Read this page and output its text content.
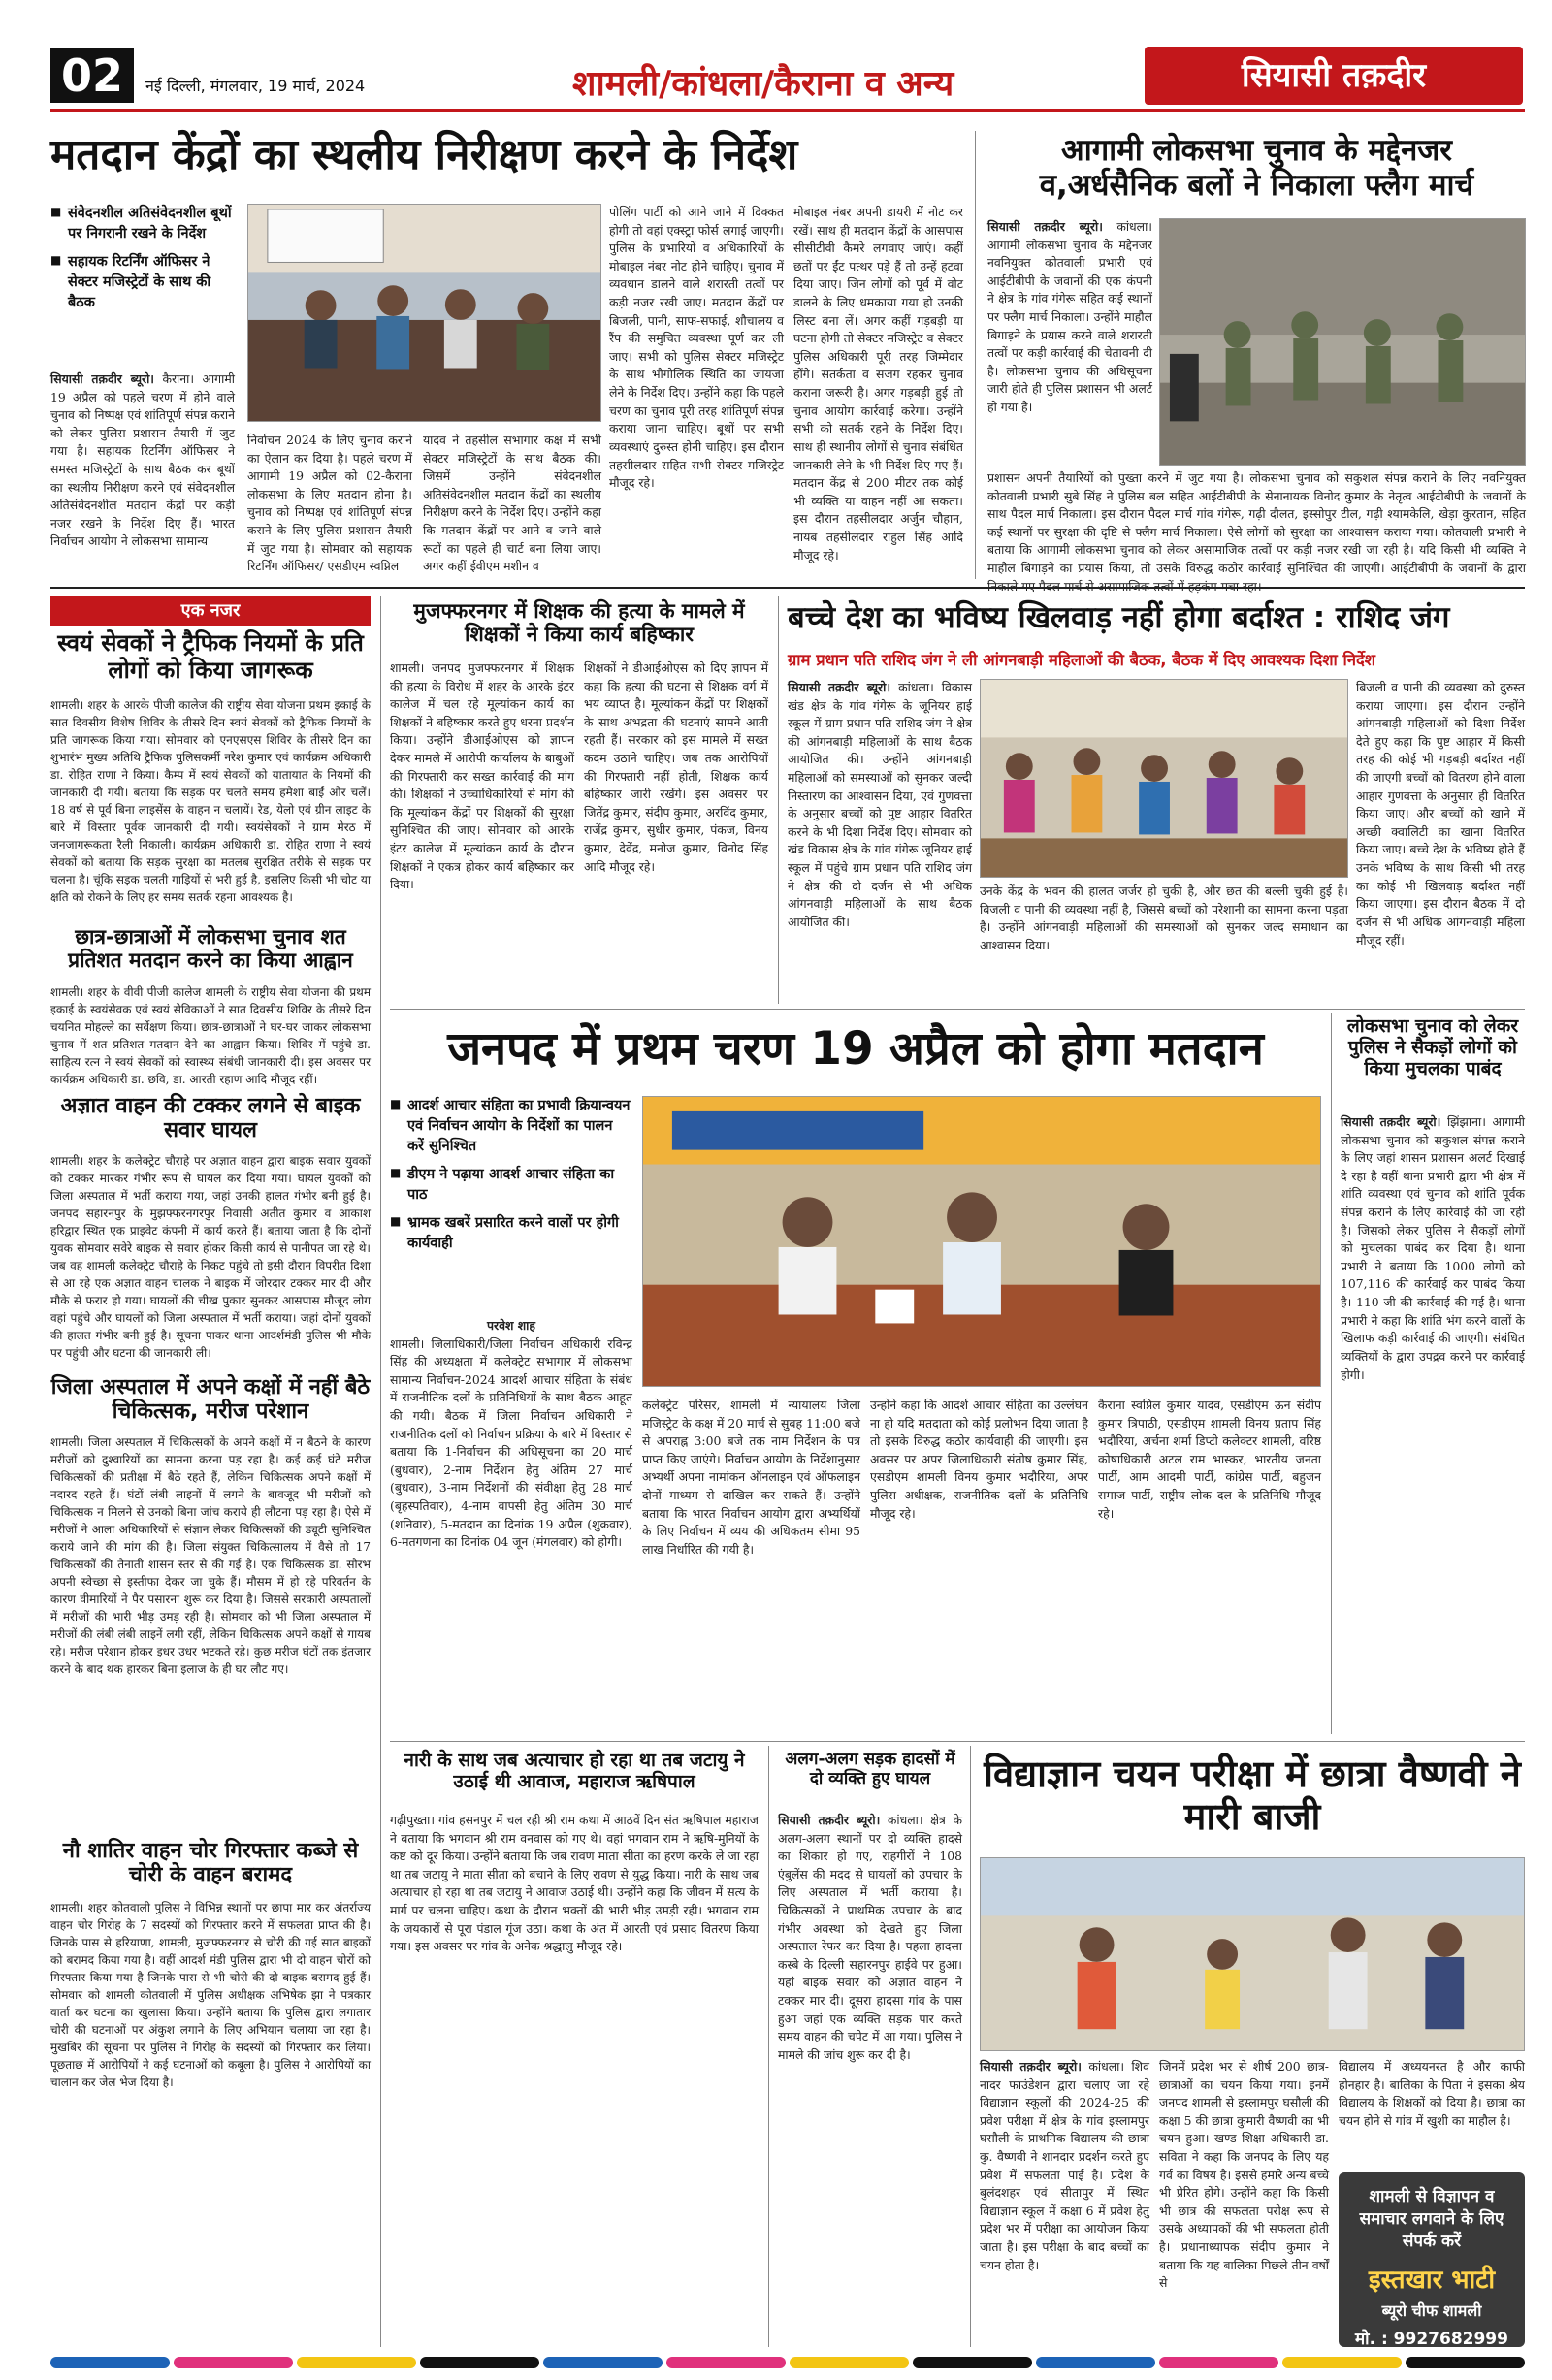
02	नई दिल्ली, मंगलवार, 19 मार्च, 2024	शामली/कांधला/कैराना व अन्य	सियासी तक़दीर
मतदान केंद्रों का स्थलीय निरीक्षण करने के निर्देश
■ संवेदनशील अतिसंवेदनशील बूथों पर निगरानी रखने के निर्देश
■ सहायक रिटर्निंग ऑफिसर ने सेक्टर मजिस्ट्रेटों के साथ की बैठक
सियासी तक़दीर ब्यूरो। कैराना। आगामी 19 अप्रैल को पहले चरण में होने वाले चुनाव को निष्पक्ष एवं शांतिपूर्ण संपन्न कराने को लेकर पुलिस प्रशासन तैयारी में जुट गया है। सहायक रिटर्निंग ऑफिसर ने समस्त मजिस्ट्रेटों के साथ बैठक कर बूथों का स्थलीय निरीक्षण करने एवं संवेदनशील अतिसंवेदनशील मतदान केंद्रों पर कड़ी नजर रखने के निर्देश दिए हैं। भारत निर्वाचन आयोग ने लोकसभा सामान्य
निर्वाचन 2024 के लिए चुनाव कराने का ऐलान कर दिया है। पहले चरण में आगामी 19 अप्रैल को 02-कैराना लोकसभा के लिए मतदान होना है। चुनाव को निष्पक्ष एवं शांतिपूर्ण संपन्न कराने के लिए पुलिस प्रशासन तैयारी में जुट गया है। सोमवार को सहायक रिटर्निंग ऑफिसर/ एसडीएम स्वप्निल
यादव ने तहसील सभागार कक्ष में सभी सेक्टर मजिस्ट्रेटों के साथ बैठक की। जिसमें उन्होंने संवेदनशील अतिसंवेदनशील मतदान केंद्रों का स्थलीय निरीक्षण करने के निर्देश दिए। उन्होंने कहा कि मतदान केंद्रों पर आने व जाने वाले रूटों का पहले ही चार्ट बना लिया जाए। अगर कहीं ईवीएम मशीन व
पोलिंग पार्टी को आने जाने में दिक्कत होगी तो वहां एक्स्ट्रा फोर्स लगाई जाएगी। पुलिस के प्रभारियों व अधिकारियों के मोबाइल नंबर नोट होने चाहिए। चुनाव में व्यवधान डालने वाले शरारती तत्वों पर कड़ी नजर रखी जाए। मतदान केंद्रों पर बिजली, पानी, साफ-सफाई, शौचालय व रैंप की समुचित व्यवस्था पूर्ण कर ली जाए। सभी को पुलिस सेक्टर मजिस्ट्रेट के साथ भौगोलिक स्थिति का जायजा लेने के निर्देश दिए। उन्होंने कहा कि पहले चरण का चुनाव पूरी तरह शांतिपूर्ण संपन्न कराया जाना चाहिए। बूथों पर सभी व्यवस्थाएं दुरुस्त होनी चाहिए। इस दौरान तहसीलदार सहित सभी सेक्टर मजिस्ट्रेट मौजूद रहे।
मोबाइल नंबर अपनी डायरी में नोट कर रखें। साथ ही मतदान केंद्रों के आसपास सीसीटीवी कैमरे लगवाए जाएं। कहीं छतों पर ईंट पत्थर पड़े हैं तो उन्हें हटवा दिया जाए। जिन लोगों को पूर्व में वोट डालने के लिए धमकाया गया हो उनकी लिस्ट बना लें। अगर कहीं गड़बड़ी या घटना होगी तो सेक्टर मजिस्ट्रेट व सेक्टर पुलिस अधिकारी पूरी तरह जिम्मेदार होंगे। सतर्कता व सजग रहकर चुनाव कराना जरूरी है। अगर गड़बड़ी हुई तो चुनाव आयोग कार्रवाई करेगा। उन्होंने सभी को सतर्क रहने के निर्देश दिए। साथ ही स्थानीय लोगों से चुनाव संबंधित जानकारी लेने के भी निर्देश दिए गए हैं। मतदान केंद्र से 200 मीटर तक कोई भी व्यक्ति या वाहन नहीं आ सकता। इस दौरान तहसीलदार अर्जुन चौहान, नायब तहसीलदार राहुल सिंह आदि मौजूद रहे।
आगामी लोकसभा चुनाव के मद्देनजर व,अर्धसैनिक बलों ने निकाला फ्लैग मार्च
सियासी तक़दीर ब्यूरो। कांधला। आगामी लोकसभा चुनाव के मद्देनजर नवनियुक्त कोतवाली प्रभारी एवं आईटीबीपी के जवानों की एक कंपनी ने क्षेत्र के गांव गंगेरू सहित कई स्थानों पर फ्लैग मार्च निकाला। उन्होंने माहौल बिगाड़ने के प्रयास करने वाले शरारती तत्वों पर कड़ी कार्रवाई की चेतावनी दी है। लोकसभा चुनाव की अधिसूचना जारी होते ही पुलिस प्रशासन भी अलर्ट हो गया है।
प्रशासन अपनी तैयारियों को पुख्ता करने में जुट गया है। लोकसभा चुनाव को सकुशल संपन्न कराने के लिए नवनियुक्त कोतवाली प्रभारी सुबे सिंह ने पुलिस बल सहित आईटीबीपी के सेनानायक विनोद कुमार के नेतृत्व आईटीबीपी के जवानों के साथ पैदल मार्च निकाला। इस दौरान पैदल मार्च गांव गंगेरू, गढ़ी दौलत, इस्सोपुर टील, गढ़ी श्यामकेलि, खेड़ा कुरतान, सहित कई स्थानों पर सुरक्षा की दृष्टि से फ्लैग मार्च निकाला। ऐसे लोगों को सुरक्षा का आश्वासन कराया गया। कोतवाली प्रभारी ने बताया कि आगामी लोकसभा चुनाव को लेकर असामाजिक तत्वों पर कड़ी नजर रखी जा रही है। यदि किसी भी व्यक्ति ने माहौल बिगाड़ने का प्रयास किया, तो उसके विरुद्ध कठोर कार्रवाई सुनिश्चित की जाएगी। आईटीबीपी के जवानों के द्वारा
एक नजर
स्वयं सेवकों ने ट्रैफिक नियमों के प्रति लोगों को किया जागरूक
शामली। शहर के आरके पीजी कालेज की राष्ट्रीय सेवा योजना प्रथम इकाई के सात दिवसीय विशेष शिविर के तीसरे दिन स्वयं सेवकों को ट्रैफिक नियमों के प्रति जागरूक किया गया। सोमवार को एनएसएस शिविर के तीसरे दिन का शुभारंभ मुख्य अतिथि ट्रैफिक पुलिसकर्मी नरेश कुमार एवं कार्यक्रम अधिकारी डा. रोहित राणा ने किया। कैम्प में स्वयं सेवकों को यातायात के नियमों की जानकारी दी गयी। बताया कि सड़क पर चलते समय हमेशा बाईं ओर चलें। 18 वर्ष से पूर्व बिना लाइसेंस के वाहन न चलायें। रेड, येलो एवं ग्रीन लाइट के बारे में विस्तार पूर्वक जानकारी दी गयी। स्वयंसेवकों ने ग्राम मेरठ में जनजागरूकता रैली निकाली। कार्यक्रम अधिकारी डा. रोहित राणा ने स्वयं सेवकों को बताया कि सड़क सुरक्षा का मतलब सुरक्षित तरीके से सड़क पर चलना है। चूंकि सड़क चलती गाड़ियों से भरी हुई है, इसलिए किसी भी चोट या क्षति को रोकने के लिए हर समय सतर्क रहना आवश्यक है।
छात्र-छात्राओं में लोकसभा चुनाव शत प्रतिशत मतदान करने का किया आह्वान
शामली। शहर के वीवी पीजी कालेज शामली के राष्ट्रीय सेवा योजना की प्रथम इकाई के स्वयंसेवक एवं स्वयं सेविकाओं ने सात दिवसीय शिविर के तीसरे दिन चयनित मोहल्ले का सर्वेक्षण किया। छात्र-छात्राओं ने घर-घर जाकर लोकसभा चुनाव में शत प्रतिशत मतदान देने का आह्वान किया। शिविर में पहुंचे डा. साहित्य रत्न ने स्वयं सेवकों को स्वास्थ्य संबंधी जानकारी दी। इस अवसर पर कार्यक्रम अधिकारी डा. छवि, डा. आरती रहाण आदि मौजूद रहीं।
अज्ञात वाहन की टक्कर लगने से बाइक सवार घायल
शामली। शहर के कलेक्ट्रेट चौराहे पर अज्ञात वाहन द्वारा बाइक सवार युवकों को टक्कर मारकर गंभीर रूप से घायल कर दिया गया। घायल युवकों को जिला अस्पताल में भर्ती कराया गया, जहां उनकी हालत गंभीर बनी हुई है। जनपद सहारनपुर के मुझफ्फरनगरपुर निवासी अतीत कुमार व आकाश हरिद्वार स्थित एक प्राइवेट कंपनी में कार्य करते हैं। बताया जाता है कि दोनों युवक सोमवार सवेरे बाइक से सवार होकर किसी कार्य से पानीपत जा रहे थे। जब वह शामली कलेक्ट्रेट चौराहे के निकट पहुंचे तो इसी दौरान विपरीत दिशा से आ रहे एक अज्ञात वाहन चालक ने बाइक में जोरदार टक्कर मार दी और मौके से फरार हो गया। घायलों की चीख पुकार सुनकर आसपास मौजूद लोग वहां पहुंचे और घायलों को जिला अस्पताल में भर्ती कराया। जहां दोनों युवकों की हालत गंभीर बनी हुई है। सूचना पाकर थाना आदर्शमंडी पुलिस भी मौके पर पहुंची और घटना की जानकारी ली।
जिला अस्पताल में अपने कक्षों में नहीं बैठे चिकित्सक, मरीज परेशान
शामली। जिला अस्पताल में चिकित्सकों के अपने कक्षों में न बैठने के कारण मरीजों को दुश्वारियों का सामना करना पड़ रहा है। कई कई घंटे मरीज चिकित्सकों की प्रतीक्षा में बैठे रहते हैं, लेकिन चिकित्सक अपने कक्षों में नदारद रहते हैं। घंटों लंबी लाइनों में लगने के बावजूद भी मरीजों को चिकित्सक न मिलने से उनको बिना जांच कराये ही लौटना पड़ रहा है। ऐसे में मरीजों ने आला अधिकारियों से संज्ञान लेकर चिकित्सकों की ड्यूटी सुनिश्चित कराये जाने की मांग की है। जिला संयुक्त चिकित्सालय में वैसे तो 17 चिकित्सकों की तैनाती शासन स्तर से की गई है। एक चिकित्सक डा. सौरभ अपनी स्वेच्छा से इस्तीफा देकर जा चुके हैं। मौसम में हो रहे परिवर्तन के कारण वीमारियों ने पैर पसारना शुरू कर दिया है। जिससे सरकारी अस्पतालों में मरीजों की भारी भीड़ उमड़ रही है। सोमवार को भी जिला अस्पताल में मरीजों की लंबी लंबी लाइनें लगी रहीं, लेकिन चिकित्सक अपने कक्षों से गायब रहे। मरीज परेशान होकर इधर उधर भटकते रहे। कुछ मरीज घंटों तक इंतजार करने के बाद थक हारकर बिना इलाज के ही घर लौट गए।
नौ शातिर वाहन चोर गिरफ्तार कब्जे से चोरी के वाहन बरामद
शामली। शहर कोतवाली पुलिस ने विभिन्न स्थानों पर छापा मार कर अंतर्राज्य वाहन चोर गिरोह के 7 सदस्यों को गिरफ्तार करने में सफलता प्राप्त की है। जिनके पास से हरियाणा, शामली, मुजफ्फरनगर से चोरी की गई सात बाइकों को बरामद किया गया है। वहीं आदर्श मंडी पुलिस द्वारा भी दो वाहन चोरों को गिरफ्तार किया गया है जिनके पास से भी चोरी की दो बाइक बरामद हुई हैं। सोमवार को शामली कोतवाली में पुलिस अधीक्षक अभिषेक झा ने पत्रकार वार्ता कर घटना का खुलासा किया। उन्होंने बताया कि पुलिस द्वारा लगातार चोरी की घटनाओं पर अंकुश लगाने के लिए अभियान चलाया जा रहा है। मुखबिर की सूचना पर पुलिस ने गिरोह के सदस्यों को गिरफ्तार कर लिया। पूछताछ में आरोपियों ने कई घटनाओं को कबूला है। पुलिस ने आरोपियों का चालान कर जेल भेज दिया है।
मुजफ्फरनगर में शिक्षक की हत्या के मामले में शिक्षकों ने किया कार्य बहिष्कार
शामली। जनपद मुजफ्फरनगर में शिक्षक की हत्या के विरोध में शहर के आरके इंटर कालेज में चल रहे मूल्यांकन कार्य का शिक्षकों ने बहिष्कार करते हुए धरना प्रदर्शन किया। उन्होंने डीआईओएस को ज्ञापन देकर मामले में आरोपी कार्यालय के बाबुओं की गिरफ्तारी कर सख्त कार्रवाई की मांग की। शिक्षकों ने उच्चाधिकारियों से मांग की कि मूल्यांकन केंद्रों पर शिक्षकों की सुरक्षा सुनिश्चित की जाए। सोमवार को आरके इंटर कालेज में मूल्यांकन कार्य के दौरान शिक्षकों ने एकत्र होकर कार्य बहिष्कार कर दिया।
शिक्षकों ने डीआईओएस को दिए ज्ञापन में कहा कि हत्या की घटना से शिक्षक वर्ग में भय व्याप्त है। मूल्यांकन केंद्रों पर शिक्षकों के साथ अभद्रता की घटनाएं सामने आती रहती हैं। सरकार को इस मामले में सख्त कदम उठाने चाहिए। जब तक आरोपियों की गिरफ्तारी नहीं होती, शिक्षक कार्य बहिष्कार जारी रखेंगे। इस अवसर पर जितेंद्र कुमार, संदीप कुमार, अरविंद कुमार, राजेंद्र कुमार, सुधीर कुमार, पंकज, विनय कुमार, देवेंद्र, मनोज कुमार, विनोद सिंह आदि मौजूद रहे।
बच्चे देश का भविष्य खिलवाड़ नहीं होगा बर्दाश्त : राशिद जंग
ग्राम प्रधान पति राशिद जंग ने ली आंगनबाड़ी महिलाओं की बैठक, बैठक में दिए आवश्यक दिशा निर्देश
सियासी तक़दीर ब्यूरो। कांधला। विकास खंड क्षेत्र के गांव गंगेरू के जूनियर हाई स्कूल में ग्राम प्रधान पति राशिद जंग ने क्षेत्र की आंगनबाड़ी महिलाओं के साथ बैठक आयोजित की। उन्होंने आंगनबाड़ी महिलाओं को समस्याओं को सुनकर जल्दी निस्तारण का आश्वासन दिया, एवं गुणवत्ता के अनुसार बच्चों को पुष्ट आहार वितरित करने के भी दिशा निर्देश दिए। सोमवार को खंड विकास क्षेत्र के गांव गंगेरू जूनियर हाई स्कूल में पहुंचे ग्राम प्रधान पति राशिद जंग ने क्षेत्र की दो दर्जन से भी अधिक आंगनवाड़ी महिलाओं के साथ बैठक आयोजित की।
उनके केंद्र के भवन की हालत जर्जर हो चुकी है, और छत की बल्ली चुकी हुई है। बिजली व पानी की व्यवस्था नहीं है, जिससे बच्चों को परेशानी का सामना करना पड़ता है। उन्होंने आंगनवाड़ी महिलाओं की समस्याओं को सुनकर जल्द समाधान का आश्वासन दिया।
बिजली व पानी की व्यवस्था को दुरुस्त कराया जाएगा। इस दौरान उन्होंने आंगनबाड़ी महिलाओं को दिशा निर्देश देते हुए कहा कि पुष्ट आहार में किसी तरह की कोई भी गड़बड़ी बर्दाश्त नहीं की जाएगी बच्चों को वितरण होने वाला आहार गुणवत्ता के अनुसार ही वितरित किया जाए। और बच्चों को खाने में अच्छी क्वालिटी का खाना वितरित किया जाए। बच्चे देश के भविष्य होते हैं उनके भविष्य के साथ किसी भी तरह का कोई भी खिलवाड़ बर्दाश्त नहीं किया जाएगा। इस दौरान बैठक में दो दर्जन से भी अधिक आंगनवाड़ी महिला मौजूद रहीं।
जनपद में प्रथम चरण 19 अप्रैल को होगा मतदान
■ आदर्श आचार संहिता का प्रभावी क्रियान्वयन एवं निर्वाचन आयोग के निर्देशों का पालन करें सुनिश्चित
■ डीएम ने पढ़ाया आदर्श आचार संहिता का पाठ
■ भ्रामक खबरें प्रसारित करने वालों पर होगी कार्यवाही
परवेश शाह
शामली। जिलाधिकारी/जिला निर्वाचन अधिकारी रविन्द्र सिंह की अध्यक्षता में कलेक्ट्रेट सभागार में लोकसभा सामान्य निर्वाचन-2024 आदर्श आचार संहिता के संबंध में राजनीतिक दलों के प्रतिनिधियों के साथ बैठक आहूत की गयी। बैठक में जिला निर्वाचन अधिकारी ने राजनीतिक दलों को निर्वाचन प्रक्रिया के बारे में विस्तार से बताया कि 1-निर्वाचन की अधिसूचना का 20 मार्च (बुधवार), 2-नाम निर्देशन हेतु अंतिम 27 मार्च (बुधवार), 3-नाम निर्देशनों की संवीक्षा हेतु 28 मार्च (बृहस्पतिवार), 4-नाम वापसी हेतु अंतिम 30 मार्च (शनिवार), 5-मतदान का दिनांक 19 अप्रैल (शुक्रवार), 6-मतगणना का दिनांक 04 जून (मंगलवार) को होगी।
कलेक्ट्रेट परिसर, शामली में न्यायालय जिला मजिस्ट्रेट के कक्ष में 20 मार्च से सुबह 11:00 बजे से अपराह्न 3:00 बजे तक नाम निर्देशन के पत्र प्राप्त किए जाएंगे। निर्वाचन आयोग के निर्देशानुसार अभ्यर्थी अपना नामांकन ऑनलाइन एवं ऑफलाइन दोनों माध्यम से दाखिल कर सकते हैं। उन्होंने बताया कि भारत निर्वाचन आयोग द्वारा अभ्यर्थियों के लिए निर्वाचन में व्यय की अधिकतम सीमा 95 लाख निर्धारित की गयी है।
उन्होंने कहा कि आदर्श आचार संहिता का उल्लंघन ना हो यदि मतदाता को कोई प्रलोभन दिया जाता है तो इसके विरुद्ध कठोर कार्यवाही की जाएगी। इस अवसर पर अपर जिलाधिकारी संतोष कुमार सिंह, एसडीएम शामली विनय कुमार भदौरिया, अपर पुलिस अधीक्षक, राजनीतिक दलों के प्रतिनिधि मौजूद रहे।
कैराना स्वप्निल कुमार यादव, एसडीएम ऊन संदीप कुमार त्रिपाठी, एसडीएम शामली विनय प्रताप सिंह भदौरिया, अर्चना शर्मा डिप्टी कलेक्टर शामली, वरिष्ठ कोषाधिकारी अटल राम भास्कर, भारतीय जनता पार्टी, आम आदमी पार्टी, कांग्रेस पार्टी, बहुजन समाज पार्टी, राष्ट्रीय लोक दल के प्रतिनिधि मौजूद रहे।
लोकसभा चुनाव को लेकर पुलिस ने सैकड़ों लोगों को किया मुचलका पाबंद
सियासी तक़दीर ब्यूरो। झिंझाना। आगामी लोकसभा चुनाव को सकुशल संपन्न कराने के लिए जहां शासन प्रशासन अलर्ट दिखाई दे रहा है वहीं थाना प्रभारी द्वारा भी क्षेत्र में शांति व्यवस्था एवं चुनाव को शांति पूर्वक संपन्न कराने के लिए कार्रवाई की जा रही है। जिसको लेकर पुलिस ने सैकड़ों लोगों को मुचलका पाबंद कर दिया है। थाना प्रभारी ने बताया कि 1000 लोगों को 107,116 की कार्रवाई कर पाबंद किया है। 110 जी की कार्रवाई की गई है। थाना प्रभारी ने कहा कि शांति भंग करने वालों के खिलाफ कड़ी कार्रवाई की जाएगी। संबंधित व्यक्तियों के द्वारा उपद्रव करने पर कार्रवाई होगी।
नारी के साथ जब अत्याचार हो रहा था तब जटायु ने उठाई थी आवाज, महाराज ऋषिपाल
गढ़ीपुख्ता। गांव हसनपुर में चल रही श्री राम कथा में आठवें दिन संत ऋषिपाल महाराज ने बताया कि भगवान श्री राम वनवास को गए थे। वहां भगवान राम ने ऋषि-मुनियों के कष्ट को दूर किया। उन्होंने बताया कि जब रावण माता सीता का हरण करके ले जा रहा था तब जटायु ने माता सीता को बचाने के लिए रावण से युद्ध किया। नारी के साथ जब अत्याचार हो रहा था तब जटायु ने आवाज उठाई थी। उन्होंने कहा कि जीवन में सत्य के मार्ग पर चलना चाहिए। कथा के दौरान भक्तों की भारी भीड़ उमड़ी रही। भगवान राम के जयकारों से पूरा पंडाल गूंज उठा। कथा के अंत में आरती एवं प्रसाद वितरण किया गया। इस अवसर पर गांव के अनेक श्रद्धालु मौजूद रहे।
अलग-अलग सड़क हादसों में दो व्यक्ति हुए घायल
सियासी तक़दीर ब्यूरो। कांधला। क्षेत्र के अलग-अलग स्थानों पर दो व्यक्ति हादसे का शिकार हो गए, राहगीरों ने 108 एंबुलेंस की मदद से घायलों को उपचार के लिए अस्पताल में भर्ती कराया है। चिकित्सकों ने प्राथमिक उपचार के बाद गंभीर अवस्था को देखते हुए जिला अस्पताल रेफर कर दिया है। पहला हादसा कस्बे के दिल्ली सहारनपुर हाईवे पर हुआ। यहां बाइक सवार को अज्ञात वाहन ने टक्कर मार दी। दूसरा हादसा गांव के पास हुआ जहां एक व्यक्ति सड़क पार करते समय वाहन की चपेट में आ गया। पुलिस ने मामले की जांच शुरू कर दी है।
विद्याज्ञान चयन परीक्षा में छात्रा वैष्णवी ने मारी बाजी
सियासी तक़दीर ब्यूरो। कांधला। शिव नादर फाउंडेशन द्वारा चलाए जा रहे विद्याज्ञान स्कूलों की 2024-25 की प्रवेश परीक्षा में क्षेत्र के गांव इस्लामपुर घसौली के प्राथमिक विद्यालय की छात्रा कु. वैष्णवी ने शानदार प्रदर्शन करते हुए प्रवेश में सफलता पाई है। प्रदेश के बुलंदशहर एवं सीतापुर में स्थित विद्याज्ञान स्कूल में कक्षा 6 में प्रवेश हेतु प्रदेश भर में परीक्षा का आयोजन किया जाता है। इस परीक्षा के बाद बच्चों का चयन होता है।
जिनमें प्रदेश भर से शीर्ष 200 छात्र-छात्राओं का चयन किया गया। इनमें जनपद शामली से इस्लामपुर घसौली की कक्षा 5 की छात्रा कुमारी वैष्णवी का भी चयन हुआ। खण्ड शिक्षा अधिकारी डा. सविता ने कहा कि जनपद के लिए यह गर्व का विषय है। इससे हमारे अन्य बच्चे भी प्रेरित होंगे। उन्होंने कहा कि किसी भी छात्र की सफलता परोक्ष रूप से उसके अध्यापकों की भी सफलता होती है। प्रधानाध्यापक संदीप कुमार ने बताया कि यह बालिका पिछले तीन वर्षों से
विद्यालय में अध्ययनरत है और काफी होनहार है। बालिका के पिता ने इसका श्रेय विद्यालय के शिक्षकों को दिया है। छात्रा का चयन होने से गांव में खुशी का माहौल है।
शामली से विज्ञापन व समाचार लगवाने के लिए संपर्क करें
इस्तखार भाटी
ब्यूरो चीफ शामली
मो. : 9927682999
